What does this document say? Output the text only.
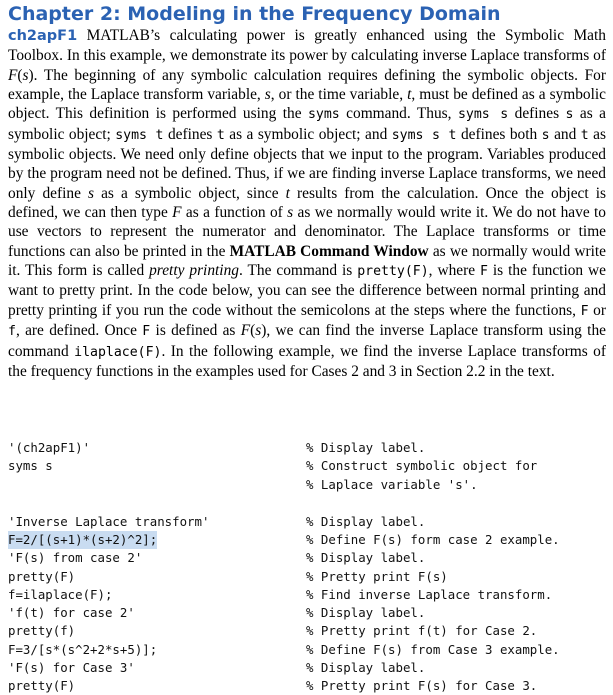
Chapter 2: Modeling in the Frequency Domain

ch2apF1 MATLAB’s calculating power is greatly enhanced using the Symbolic Math Toolbox. In this example, we demonstrate its power by calculating inverse Laplace transforms of F(s). The beginning of any symbolic calculation requires defining the symbolic objects. For example, the Laplace transform variable, s, or the time variable, t, must be defined as a symbolic object. This definition is performed using the syms command. Thus, syms s defines s as a symbolic object; syms t defines t as a symbolic object; and syms s t defines both s and t as symbolic objects. We need only define objects that we input to the program. Variables produced by the program need not be defined. Thus, if we are finding inverse Laplace transforms, we need only define s as a symbolic object, since t results from the calculation. Once the object is defined, we can then type F as a function of s as we normally would write it. We do not have to use vectors to represent the numerator and denominator. The Laplace transforms or time functions can also be printed in the MATLAB Command Window as we normally would write it. This form is called pretty printing. The command is pretty(F), where F is the function we want to pretty print. In the code below, you can see the difference between normal printing and pretty printing if you run the code without the semicolons at the steps where the functions, F or f, are defined. Once F is defined as F(s), we can find the inverse Laplace transform using the command ilaplace(F). In the following example, we find the inverse Laplace transforms of the frequency functions in the examples used for Cases 2 and 3 in Section 2.2 in the text.

'(ch2apF1)'	% Display label.
syms s	% Construct symbolic object for
% Laplace variable 's'.
'Inverse Laplace transform'	% Display label.
F=2/[(s+1)*(s+2)^2];	% Define F(s) form case 2 example.
'F(s) from case 2'	% Display label.
pretty(F)	% Pretty print F(s)
f=ilaplace(F);	% Find inverse Laplace transform.
'f(t) for case 2'	% Display label.
pretty(f)	% Pretty print f(t) for Case 2.
F=3/[s*(s^2+2*s+5)];	% Define F(s) from Case 3 example.
'F(s) for Case 3'	% Display label.
pretty(F)	% Pretty print F(s) for Case 3.
